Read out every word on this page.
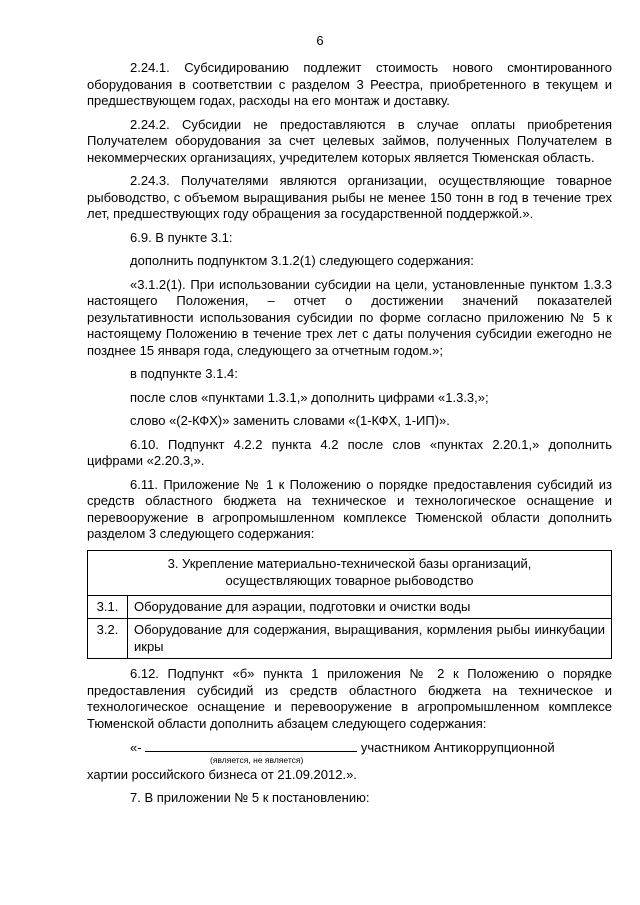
6

2.24.1. Субсидированию подлежит стоимость нового смонтированного оборудования в соответствии с разделом 3 Реестра, приобретенного в текущем и предшествующем годах, расходы на его монтаж и доставку.

2.24.2. Субсидии не предоставляются в случае оплаты приобретения Получателем оборудования за счет целевых займов, полученных Получателем в некоммерческих организациях, учредителем которых является Тюменская область.

2.24.3. Получателями являются организации, осуществляющие товарное рыбоводство, с объемом выращивания рыбы не менее 150 тонн в год в течение трех лет, предшествующих году обращения за государственной поддержкой.».

6.9. В пункте 3.1:

дополнить подпунктом 3.1.2(1) следующего содержания:

«3.1.2(1). При использовании субсидии на цели, установленные пунктом 1.3.3 настоящего Положения, – отчет о достижении значений показателей результативности использования субсидии по форме согласно приложению № 5 к настоящему Положению в течение трех лет с даты получения субсидии ежегодно не позднее 15 января года, следующего за отчетным годом.»;

в подпункте 3.1.4:

после слов «пунктами 1.3.1,» дополнить цифрами «1.3.3,»;

слово «(2-КФХ)» заменить словами «(1-КФХ, 1-ИП)».

6.10. Подпункт 4.2.2 пункта 4.2 после слов «пунктах 2.20.1,» дополнить цифрами «2.20.3,».

6.11. Приложение № 1 к Положению о порядке предоставления субсидий из средств областного бюджета на техническое и технологическое оснащение и перевооружение в агропромышленном комплексе Тюменской области дополнить разделом 3 следующего содержания:

3. Укрепление материально-технической базы организаций,
осуществляющих товарное рыбоводство	
3.1.	Оборудование для аэрации, подготовки и очистки воды
3.2.	Оборудование для содержания, выращивания, кормления рыбы иинкубации икры

6.12. Подпункт «б» пункта 1 приложения № 2 к Положению о порядке предоставления субсидий из средств областного бюджета на техническое и технологическое оснащение и перевооружение в агропромышленном комплексе Тюменской области дополнить абзацем следующего содержания:

«-	участником Антикоррупционной
(является, не является)

хартии российского бизнеса от 21.09.2012.».

7. В приложении № 5 к постановлению:
